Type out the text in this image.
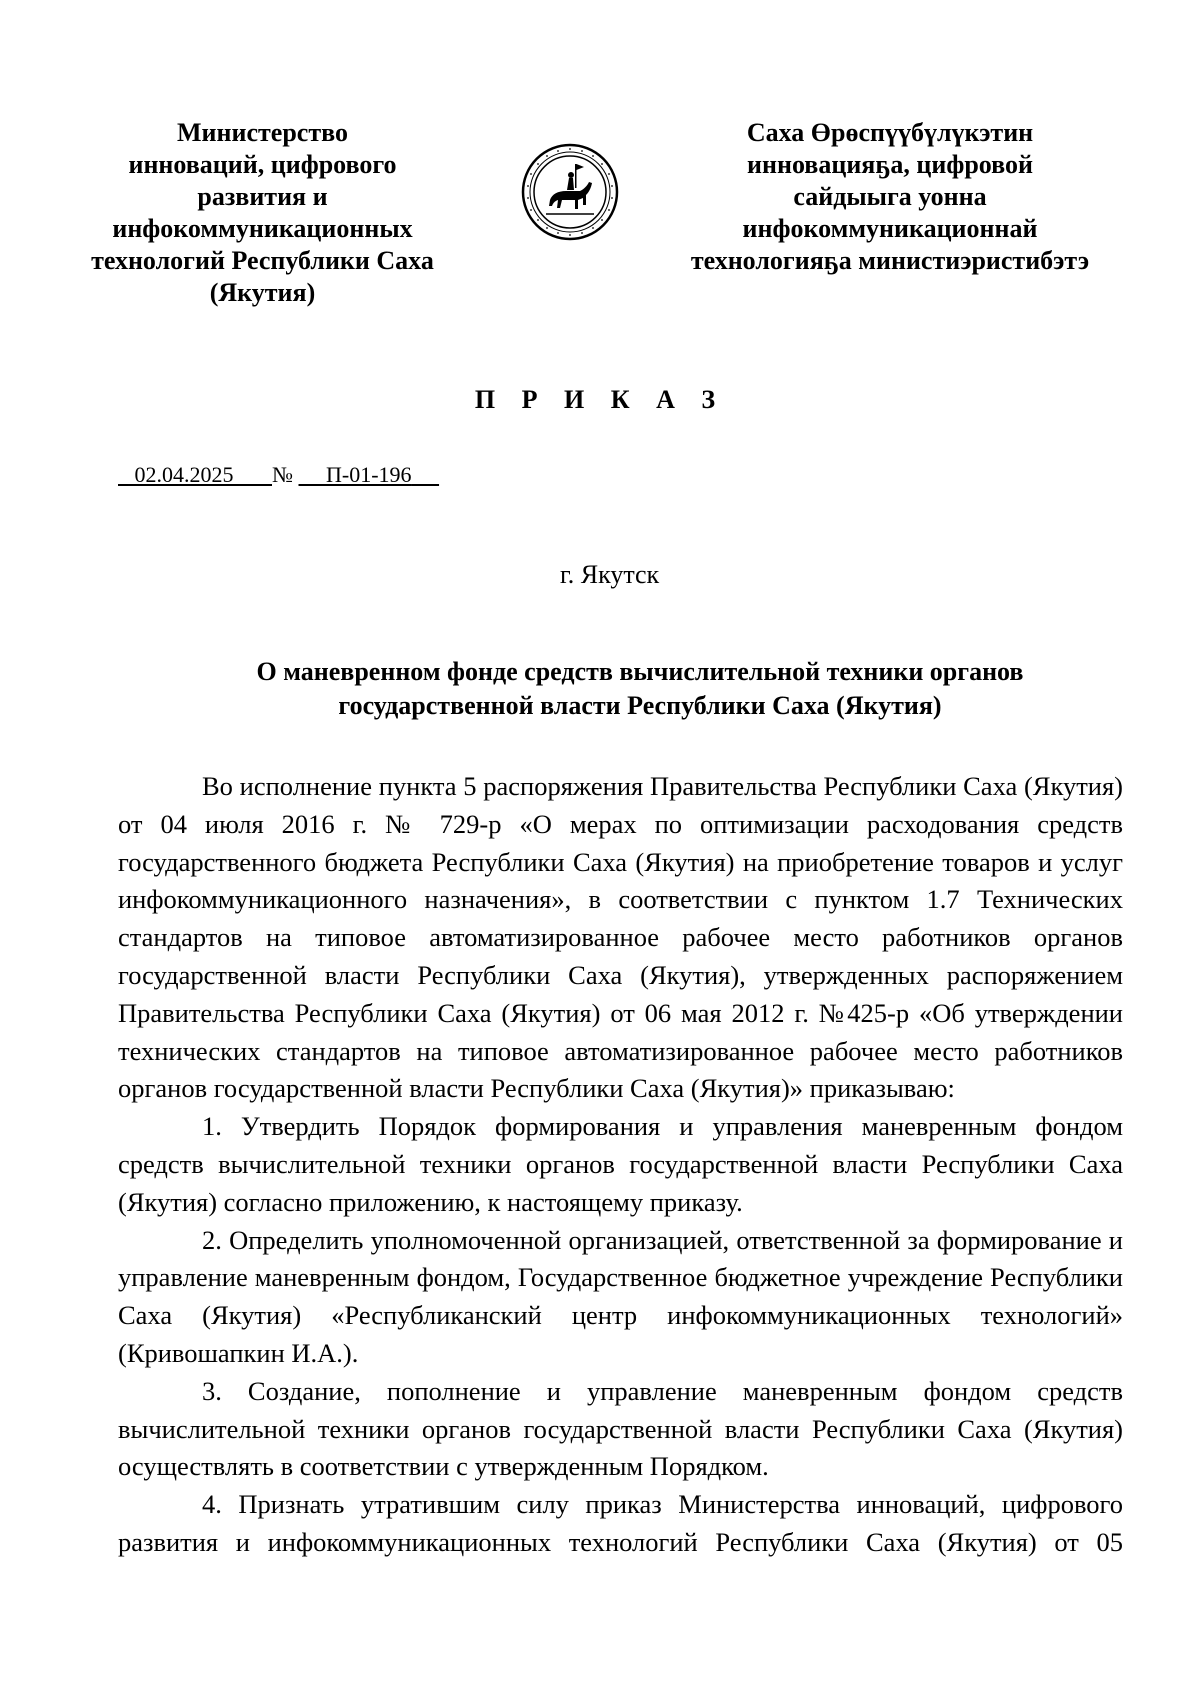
Министерство
инноваций, цифрового
развития и
инфокоммуникационных
технологий Республики Саха
(Якутия)
Саха Өрөспүүбүлүкэтин
инновацияҕа, цифровой
сайдыыга уонна
инфокоммуникационнай
технологияҕа министиэристибэтэ
П Р И К А З
02.04.2025 № П-01-196
г. Якутск
О маневренном фонде средств вычислительной техники органов государственной власти Республики Саха (Якутия)

Во исполнение пункта 5 распоряжения Правительства Республики Саха (Якутия) от 04 июля 2016 г. № 729-р «О мерах по оптимизации расходования средств государственного бюджета Республики Саха (Якутия) на приобретение товаров и услуг инфокоммуникационного назначения», в соответствии с пунктом 1.7 Технических стандартов на типовое автоматизированное рабочее место работников органов государственной власти Республики Саха (Якутия), утвержденных распоряжением Правительства Республики Саха (Якутия) от 06 мая 2012 г. №425-р «Об утверждении технических стандартов на типовое автоматизированное рабочее место работников органов государственной власти Республики Саха (Якутия)» приказываю:

1. Утвердить Порядок формирования и управления маневренным фондом средств вычислительной техники органов государственной власти Республики Саха (Якутия) согласно приложению, к настоящему приказу.

2. Определить уполномоченной организацией, ответственной за формирование и управление маневренным фондом, Государственное бюджетное учреждение Республики Саха (Якутия) «Республиканский центр инфокоммуникационных технологий» (Кривошапкин И.А.).

3. Создание, пополнение и управление маневренным фондом средств вычислительной техники органов государственной власти Республики Саха (Якутия) осуществлять в соответствии с утвержденным Порядком.

4. Признать утратившим силу приказ Министерства инноваций, цифрового развития и инфокоммуникационных технологий Республики Саха (Якутия) от 05
